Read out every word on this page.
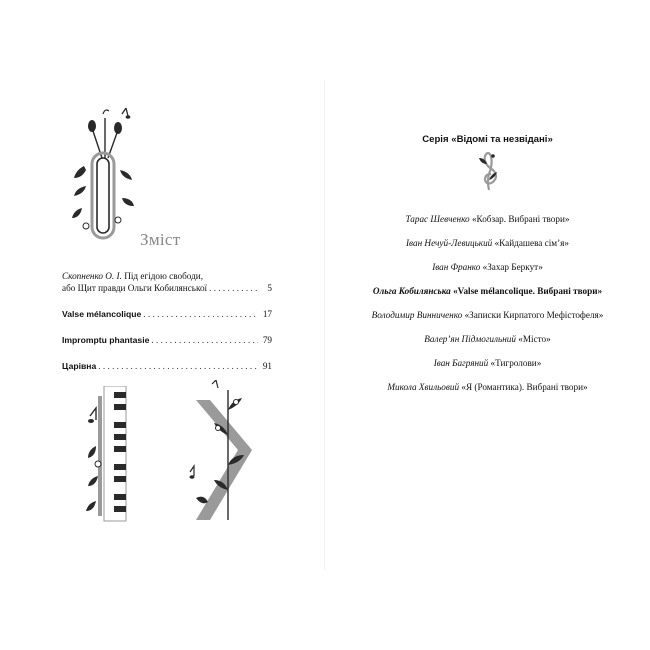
Зміст
Скопненко О. І. Під егідою свободи,
або Щит правди Ольги Кобилянської . . .	5
Valse mélancolique . . .	17
Impromptu phantasie . . .	79
Царівна . . .	91
Серія «Відомі та незвідані»
Тарас Шевченко «Кобзар. Вибрані твори»
Іван Нечуй-Левицький «Кайдашева сім’я»
Іван Франко «Захар Беркут»
Ольга Кобилянська «Valse mélancolique. Вибрані твори»
Володимир Винниченко «Записки Кирпатого Мефістофеля»
Валер’ян Підмогильний «Місто»
Іван Багряний «Тигролови»
Микола Хвильовий «Я (Романтика). Вибрані твори»
